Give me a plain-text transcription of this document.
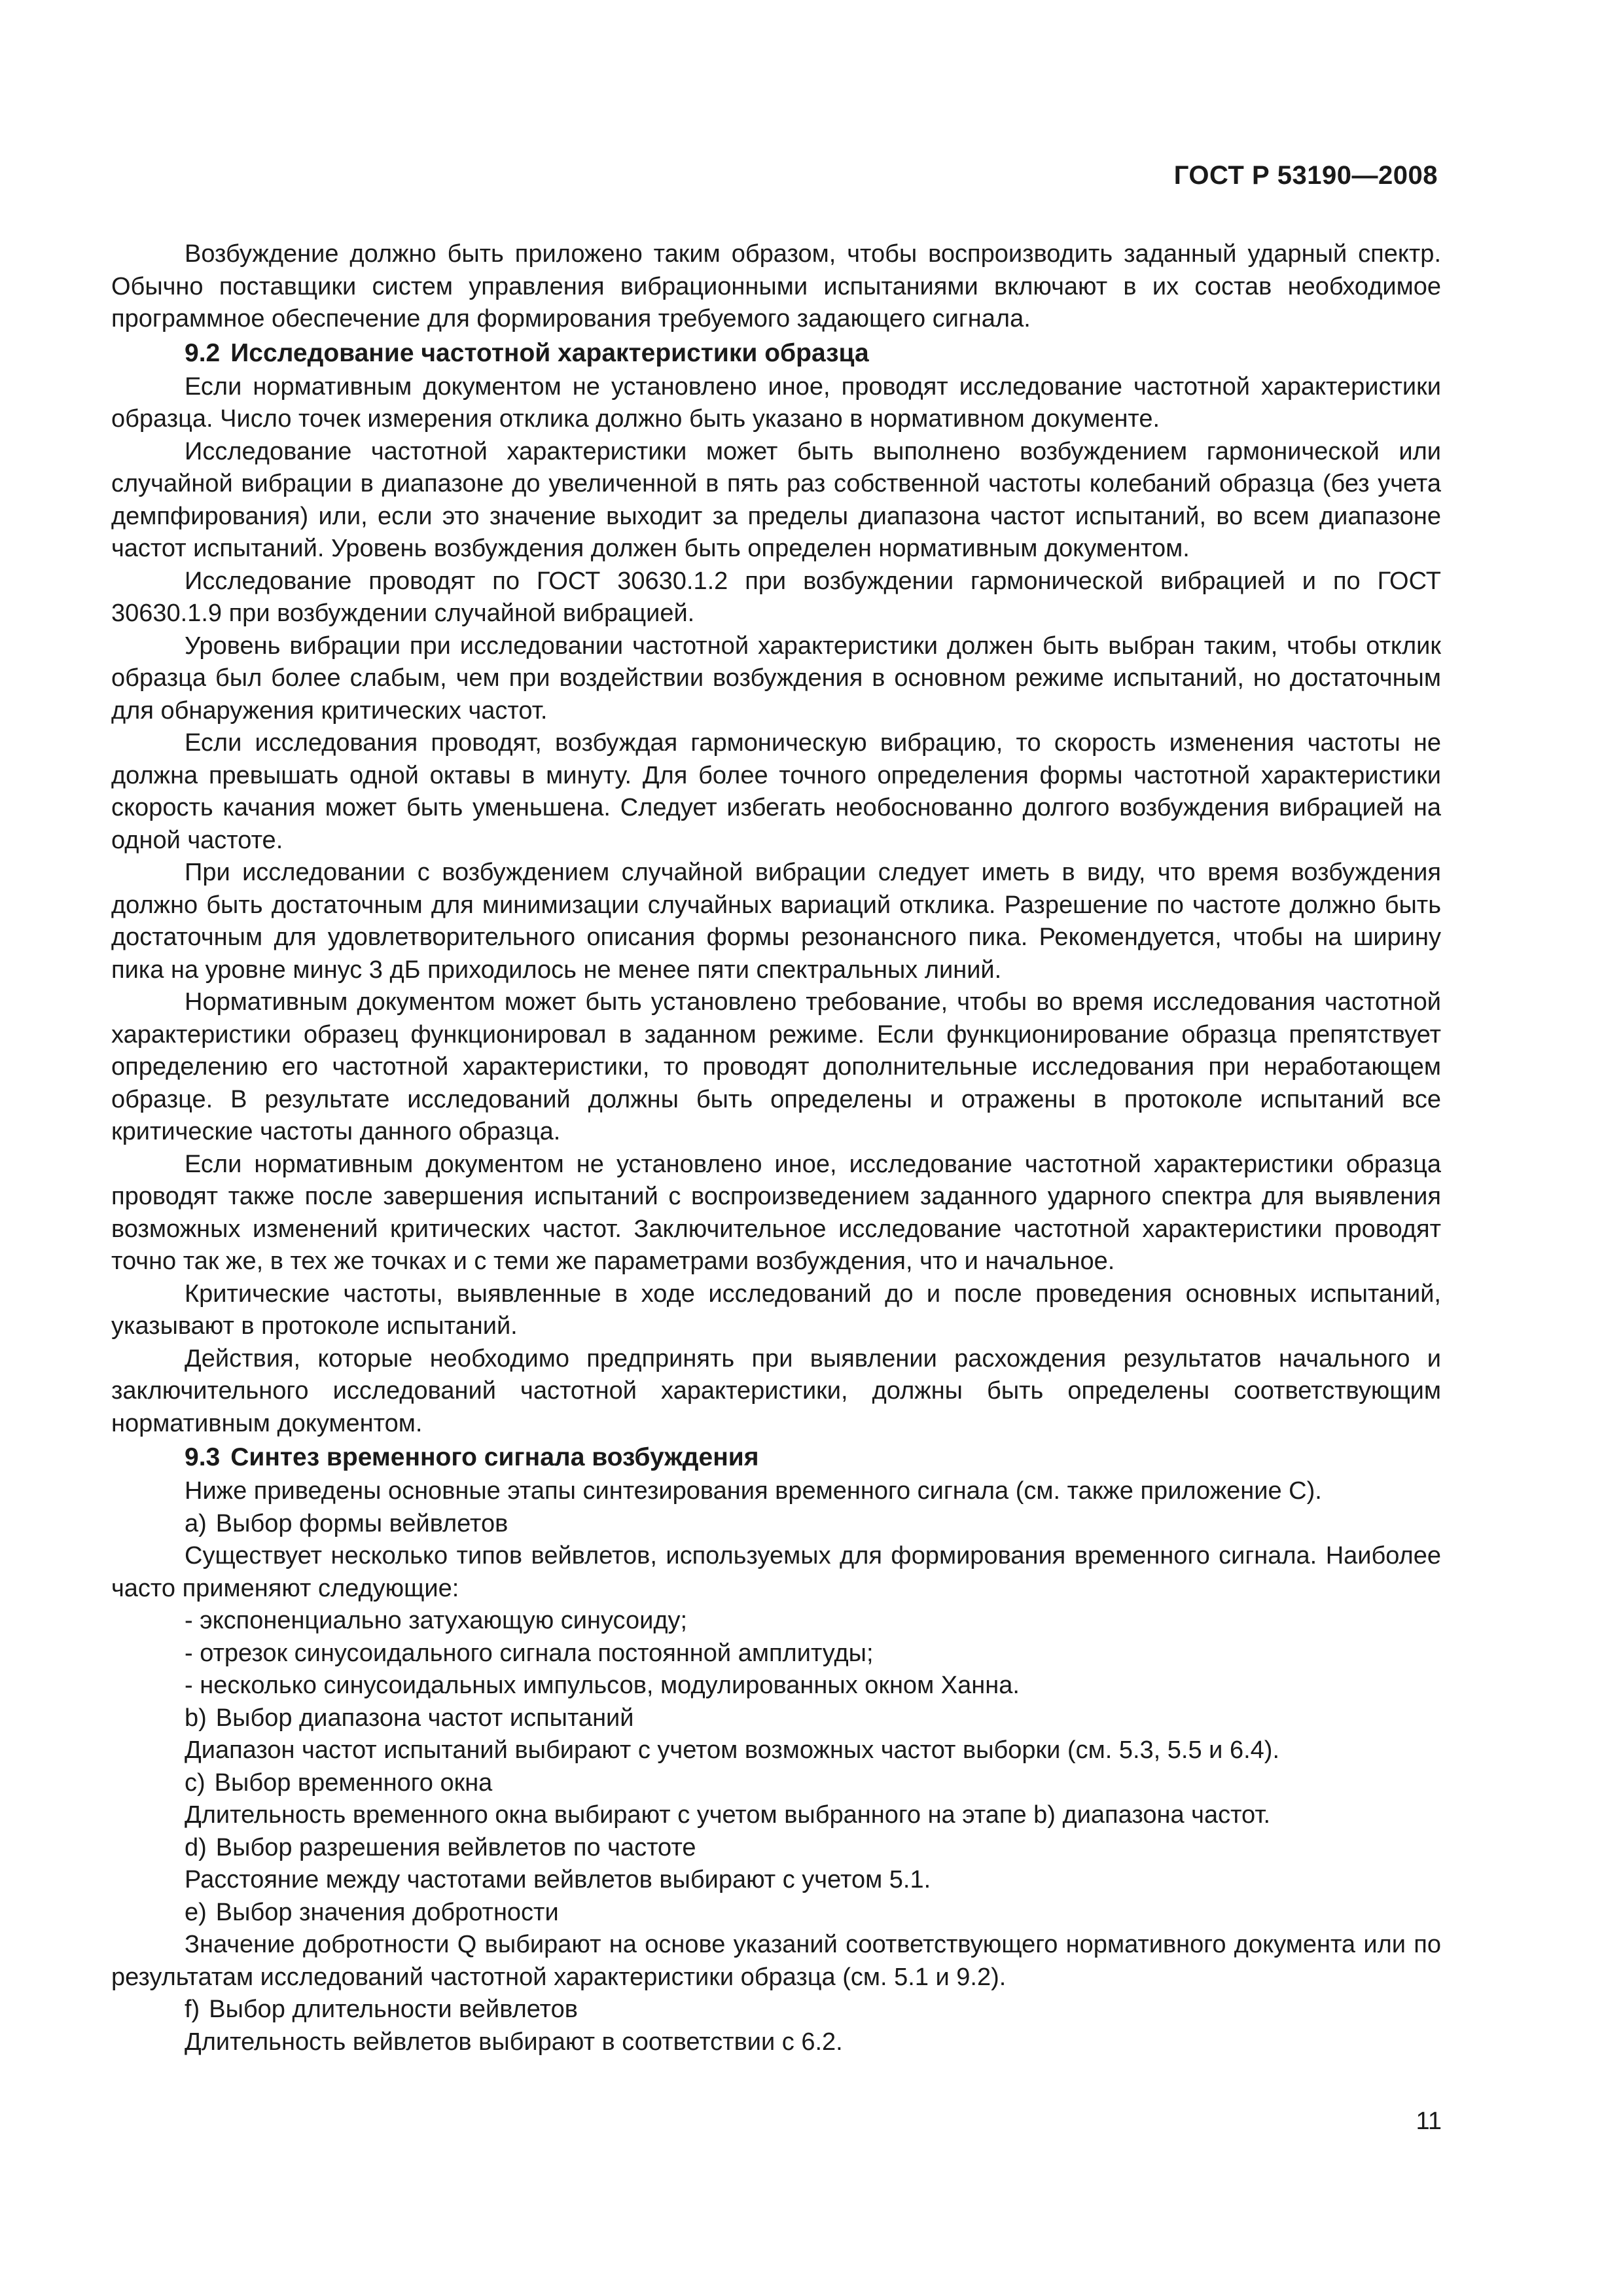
ГОСТ Р 53190—2008

Возбуждение должно быть приложено таким образом, чтобы воспроизводить заданный ударный спектр. Обычно поставщики систем управления вибрационными испытаниями включают в их состав необходимое программное обеспечение для формирования требуемого задающего сигнала.

9.2 Исследование частотной характеристики образца

Если нормативным документом не установлено иное, проводят исследование частотной характеристики образца. Число точек измерения отклика должно быть указано в нормативном документе.

Исследование частотной характеристики может быть выполнено возбуждением гармонической или случайной вибрации в диапазоне до увеличенной в пять раз собственной частоты колебаний образца (без учета демпфирования) или, если это значение выходит за пределы диапазона частот испытаний, во всем диапазоне частот испытаний. Уровень возбуждения должен быть определен нормативным документом.

Исследование проводят по ГОСТ 30630.1.2 при возбуждении гармонической вибрацией и по ГОСТ 30630.1.9 при возбуждении случайной вибрацией.

Уровень вибрации при исследовании частотной характеристики должен быть выбран таким, чтобы отклик образца был более слабым, чем при воздействии возбуждения в основном режиме испытаний, но достаточным для обнаружения критических частот.

Если исследования проводят, возбуждая гармоническую вибрацию, то скорость изменения частоты не должна превышать одной октавы в минуту. Для более точного определения формы частотной характеристики скорость качания может быть уменьшена. Следует избегать необоснованно долгого возбуждения вибрацией на одной частоте.

При исследовании с возбуждением случайной вибрации следует иметь в виду, что время возбуждения должно быть достаточным для минимизации случайных вариаций отклика. Разрешение по частоте должно быть достаточным для удовлетворительного описания формы резонансного пика. Рекомендуется, чтобы на ширину пика на уровне минус 3 дБ приходилось не менее пяти спектральных линий.

Нормативным документом может быть установлено требование, чтобы во время исследования частотной характеристики образец функционировал в заданном режиме. Если функционирование образца препятствует определению его частотной характеристики, то проводят дополнительные исследования при неработающем образце. В результате исследований должны быть определены и отражены в протоколе испытаний все критические частоты данного образца.

Если нормативным документом не установлено иное, исследование частотной характеристики образца проводят также после завершения испытаний с воспроизведением заданного ударного спектра для выявления возможных изменений критических частот. Заключительное исследование частотной характеристики проводят точно так же, в тех же точках и с теми же параметрами возбуждения, что и начальное.

Критические частоты, выявленные в ходе исследований до и после проведения основных испытаний, указывают в протоколе испытаний.

Действия, которые необходимо предпринять при выявлении расхождения результатов начального и заключительного исследований частотной характеристики, должны быть определены соответствующим нормативным документом.

9.3 Синтез временного сигнала возбуждения

Ниже приведены основные этапы синтезирования временного сигнала (см. также приложение С).

а) Выбор формы вейвлетов

Существует несколько типов вейвлетов, используемых для формирования временного сигнала. Наиболее часто применяют следующие:

- экспоненциально затухающую синусоиду;

- отрезок синусоидального сигнала постоянной амплитуды;

- несколько синусоидальных импульсов, модулированных окном Ханна.

b) Выбор диапазона частот испытаний

Диапазон частот испытаний выбирают с учетом возможных частот выборки (см. 5.3, 5.5 и 6.4).

с) Выбор временного окна

Длительность временного окна выбирают с учетом выбранного на этапе b) диапазона частот.

d) Выбор разрешения вейвлетов по частоте

Расстояние между частотами вейвлетов выбирают с учетом 5.1.

е) Выбор значения добротности

Значение добротности Q выбирают на основе указаний соответствующего нормативного документа или по результатам исследований частотной характеристики образца (см. 5.1 и 9.2).

f) Выбор длительности вейвлетов

Длительность вейвлетов выбирают в соответствии с 6.2.

11
